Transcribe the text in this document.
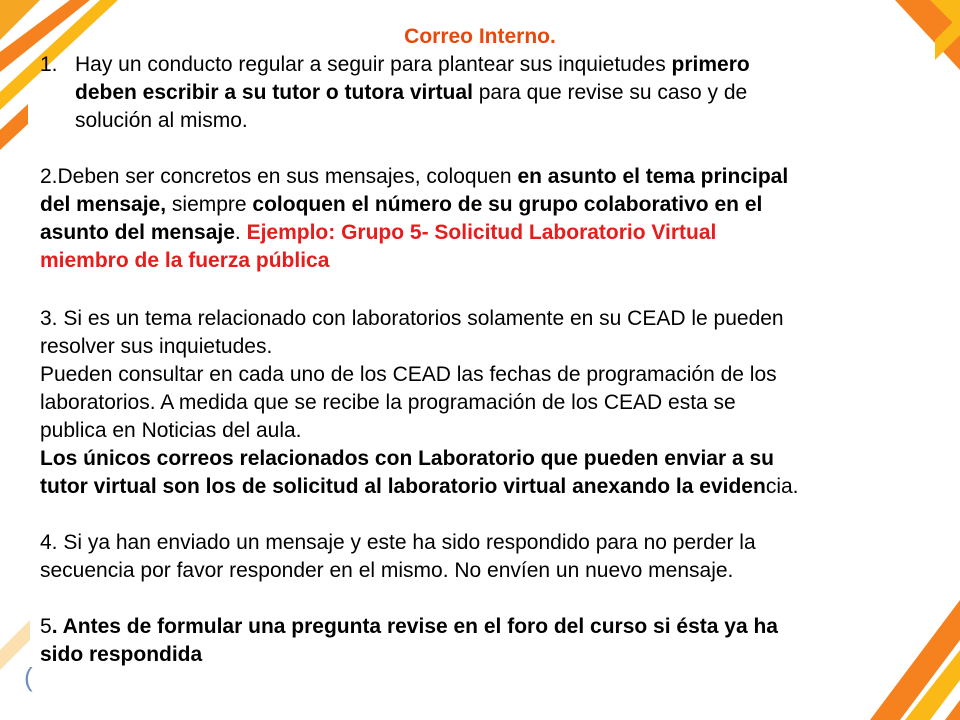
(
Correo Interno.
1. Hay un conducto regular a seguir para plantear sus inquietudes primero
deben escribir a su tutor o tutora virtual para que revise su caso y de
solución al mismo.
2.Deben ser concretos en sus mensajes, coloquen en asunto el tema principal
del mensaje, siempre coloquen el número de su grupo colaborativo en el
asunto del mensaje. Ejemplo: Grupo 5- Solicitud Laboratorio Virtual
miembro de la fuerza pública
3. Si es un tema relacionado con laboratorios solamente en su CEAD le pueden
resolver sus inquietudes.
Pueden consultar en cada uno de los CEAD las fechas de programación de los
laboratorios. A medida que se recibe la programación de los CEAD esta se
publica en Noticias del aula.
Los únicos correos relacionados con Laboratorio que pueden enviar a su
tutor virtual son los de solicitud al laboratorio virtual anexando la evidencia.
4. Si ya han enviado un mensaje y este ha sido respondido para no perder la
secuencia por favor responder en el mismo. No envíen un nuevo mensaje.
5. Antes de formular una pregunta revise en el foro del curso si ésta ya ha
sido respondida
